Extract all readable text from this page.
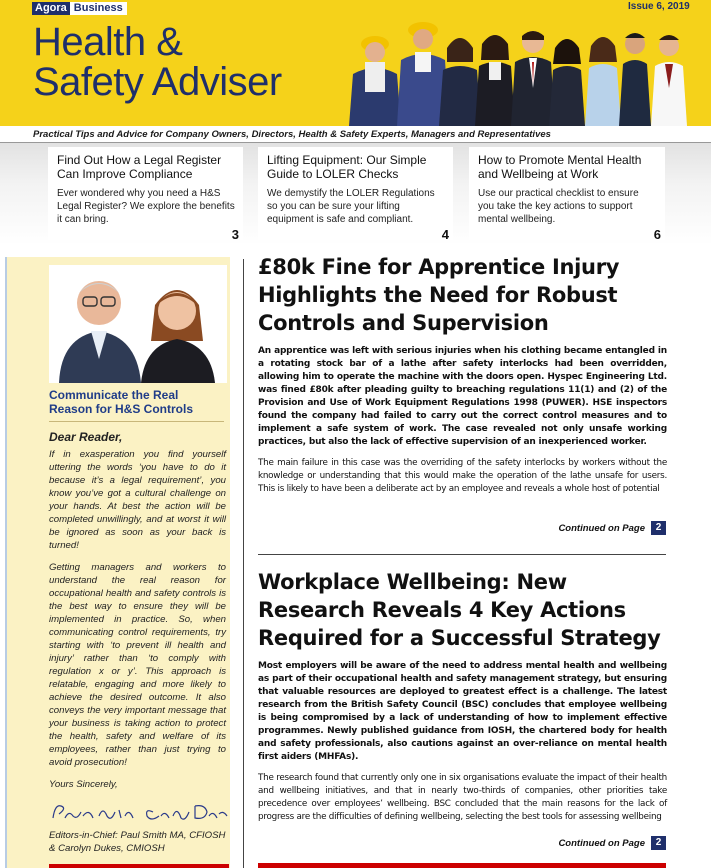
Agora Business	Issue 6, 2019
Health &
Safety Adviser
Practical Tips and Advice for Company Owners, Directors, Health & Safety Experts, Managers and Representatives
Find Out How a Legal Register Can Improve Compliance

Ever wondered why you need a H&S Legal Register? We explore the benefits it can bring.

3
Lifting Equipment: Our Simple Guide to LOLER Checks

We demystify the LOLER Regulations so you can be sure your lifting equipment is safe and compliant.

4
How to Promote Mental Health and Wellbeing at Work

Use our practical checklist to ensure you take the key actions to support mental wellbeing.

6
Communicate the Real Reason for H&S Controls
Dear Reader,

If in exasperation you find yourself uttering the words ‘you have to do it because it’s a legal requirement’, you know you’ve got a cultural challenge on your hands. At best the action will be completed unwillingly, and at worst it will be ignored as soon as your back is turned!

Getting managers and workers to understand the real reason for occupational health and safety controls is the best way to ensure they will be implemented in practice. So, when communicating control requirements, try starting with ‘to prevent ill health and injury’ rather than ‘to comply with regulation x or y’. This approach is relatable, engaging and more likely to achieve the desired outcome. It also conveys the very important message that your business is taking action to protect the health, safety and welfare of its employees, rather than just trying to avoid prosecution!

Yours Sincerely,
Editors-in-Chief: Paul Smith MA, CFIOSH
& Carolyn Dukes, CMIOSH
£80k Fine for Apprentice Injury Highlights the Need for Robust Controls and Supervision

An apprentice was left with serious injuries when his clothing became entangled in a rotating stock bar of a lathe after safety interlocks had been overridden, allowing him to operate the machine with the doors open. Hyspec Engineering Ltd. was fined £80k after pleading guilty to breaching regulations 11(1) and (2) of the Provision and Use of Work Equipment Regulations 1998 (PUWER). HSE inspectors found the company had failed to carry out the correct control measures and to implement a safe system of work. The case revealed not only unsafe working practices, but also the lack of effective supervision of an inexperienced worker.

The main failure in this case was the overriding of the safety interlocks by workers without the knowledge or understanding that this would make the operation of the lathe unsafe for users. This is likely to have been a deliberate act by an employee and reveals a whole host of potential

Continued on Page	2
Workplace Wellbeing: New Research Reveals 4 Key Actions Required for a Successful Strategy

Most employers will be aware of the need to address mental health and wellbeing as part of their occupational health and safety management strategy, but ensuring that valuable resources are deployed to greatest effect is a challenge. The latest research from the British Safety Council (BSC) concludes that employee wellbeing is being compromised by a lack of understanding of how to implement effective programmes. Newly published guidance from IOSH, the chartered body for health and safety professionals, also cautions against an over-reliance on mental health first aiders (MHFAs).

The research found that currently only one in six organisations evaluate the impact of their health and wellbeing initiatives, and that in nearly two-thirds of companies, other priorities take precedence over employees’ wellbeing. BSC concluded that the main reasons for the lack of progress are the difficulties of defining wellbeing, selecting the best tools for assessing wellbeing

Continued on Page	2
